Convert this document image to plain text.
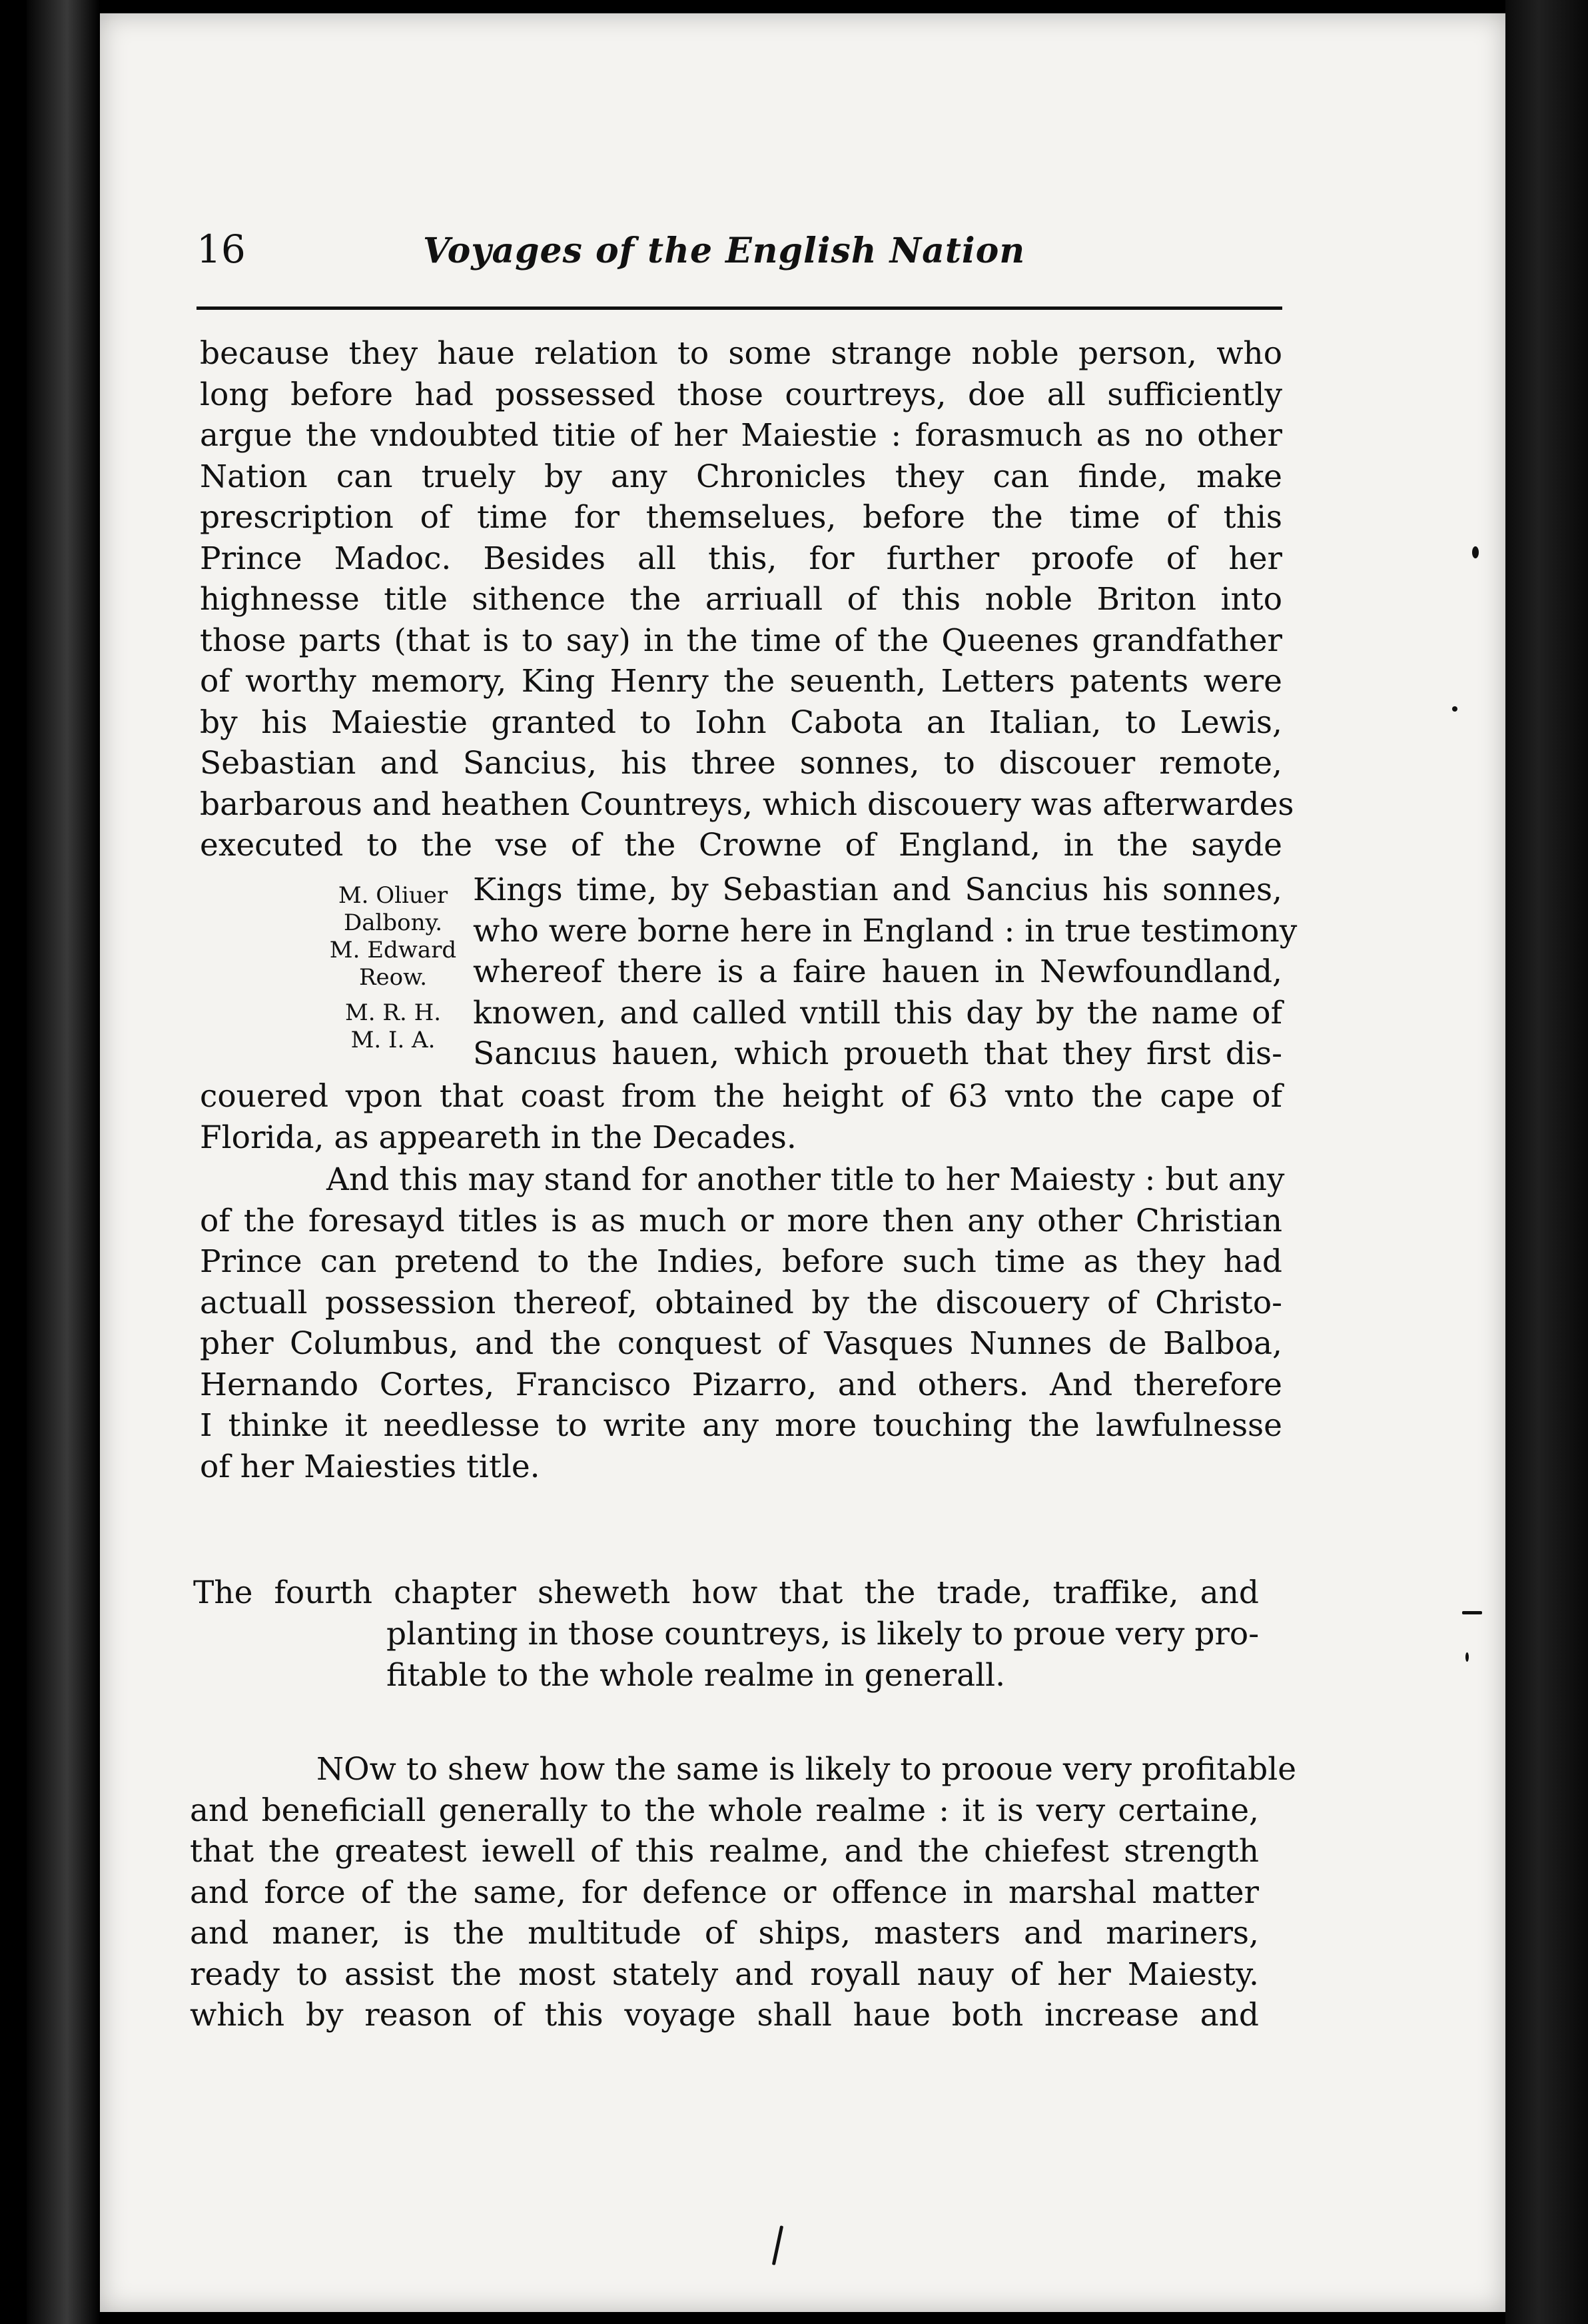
16	Voyages of the English Nation
because they haue relation to some strange noble person, who
long before had possessed those courtreys, doe all sufficiently
argue the vndoubted titie of her Maiestie : forasmuch as no other
Nation can truely by any Chronicles they can finde, make
prescription of time for themselues, before the time of this
Prince Madoc. Besides all this, for further proofe of her
highnesse title sithence the arriuall of this noble Briton into
those parts (that is to say) in the time of the Queenes grandfather
of worthy memory, King Henry the seuenth, Letters patents were
by his Maiestie granted to Iohn Cabota an Italian, to Lewis,
Sebastian and Sancius, his three sonnes, to discouer remote,
barbarous and heathen Countreys, which discouery was afterwardes
executed to the vse of the Crowne of England, in the sayde
M. Oliuer
Dalbony.
M. Edward
Reow.
M. R. H.
M. I. A.
Kings time, by Sebastian and Sancius his sonnes,
who were borne here in England : in true testimony
whereof there is a faire hauen in Newfoundland,
knowen, and called vntill this day by the name of
Sancıus hauen, which proueth that they first dis-
couered vpon that coast from the height of 63 vnto the cape of
Florida, as appeareth in the Decades.
And this may stand for another title to her Maiesty : but any
of the foresayd titles is as much or more then any other Christian
Prince can pretend to the Indies, before such time as they had
actuall possession thereof, obtained by the discouery of Christo-
pher Columbus, and the conquest of Vasques Nunnes de Balboa,
Hernando Cortes, Francisco Pizarro, and others. And therefore
I thinke it needlesse to write any more touching the lawfulnesse
of her Maiesties title.
The fourth chapter sheweth how that the trade, traffike, and
planting in those countreys, is likely to proue very pro-
fitable to the whole realme in generall.
NOw to shew how the same is likely to prooue very profitable
and beneficiall generally to the whole realme : it is very certaine,
that the greatest iewell of this realme, and the chiefest strength
and force of the same, for defence or offence in marshal matter
and maner, is the multitude of ships, masters and mariners,
ready to assist the most stately and royall nauy of her Maiesty.
which by reason of this voyage shall haue both increase and
